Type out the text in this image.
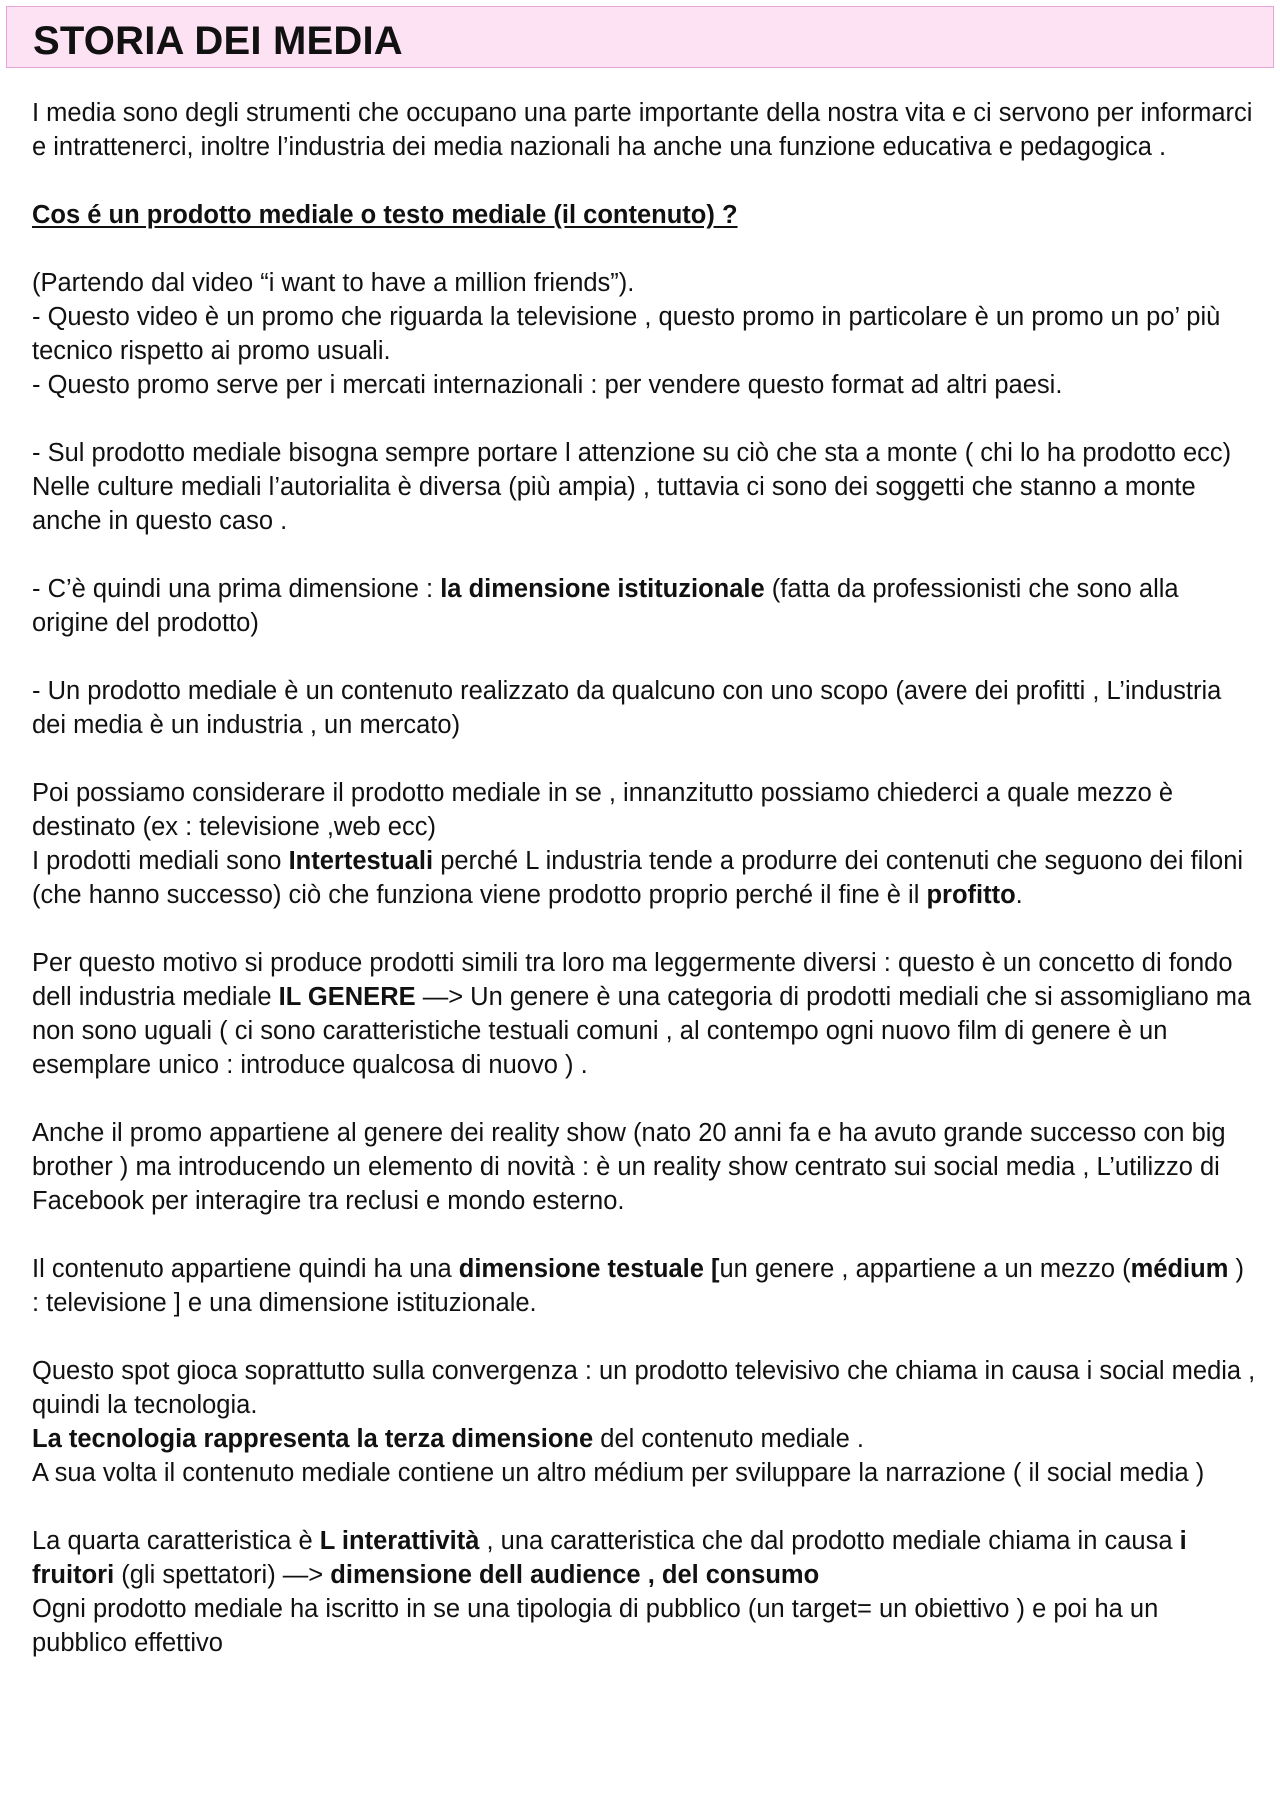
STORIA DEI MEDIA

I media sono degli strumenti che occupano una parte importante della nostra vita e ci servono per informarci e intrattenerci, inoltre l’industria dei media nazionali ha anche una funzione educativa e pedagogica .

Cos é un prodotto mediale o testo mediale (il contenuto) ?

(Partendo dal video “i want to have a million friends”).

- Questo video è un promo che riguarda la televisione , questo promo in particolare è un promo un po’ più tecnico rispetto ai promo usuali.

- Questo promo serve per i mercati internazionali : per vendere questo format ad altri paesi.

- Sul prodotto mediale bisogna sempre portare l attenzione su ciò che sta a monte ( chi lo ha prodotto ecc)

Nelle culture mediali l’autorialita è diversa (più ampia) , tuttavia ci sono dei soggetti che stanno a monte anche in questo caso .

- C’è quindi una prima dimensione : la dimensione istituzionale (fatta da professionisti che sono alla origine del prodotto)

- Un prodotto mediale è un contenuto realizzato da qualcuno con uno scopo (avere dei profitti , L’industria dei media è un industria , un mercato)

Poi possiamo considerare il prodotto mediale in se , innanzitutto possiamo chiederci a quale mezzo è destinato (ex : televisione ,web ecc)

I prodotti mediali sono Intertestuali perché L industria tende a produrre dei contenuti che seguono dei filoni (che hanno successo) ciò che funziona viene prodotto proprio perché il fine è il profitto.

Per questo motivo si produce prodotti simili tra loro ma leggermente diversi : questo è un concetto di fondo dell industria mediale IL GENERE —> Un genere è una categoria di prodotti mediali che si assomigliano ma non sono uguali ( ci sono caratteristiche testuali comuni , al contempo ogni nuovo film di genere è un esemplare unico : introduce qualcosa di nuovo ) .

Anche il promo appartiene al genere dei reality show (nato 20 anni fa e ha avuto grande successo con big brother ) ma introducendo un elemento di novità : è un reality show centrato sui social media , L’utilizzo di Facebook per interagire tra reclusi e mondo esterno.

Il contenuto appartiene quindi ha una dimensione testuale [un genere , appartiene a un mezzo (médium ) : televisione ] e una dimensione istituzionale.

Questo spot gioca soprattutto sulla convergenza : un prodotto televisivo che chiama in causa i social media , quindi la tecnologia.

La tecnologia rappresenta la terza dimensione del contenuto mediale .

A sua volta il contenuto mediale contiene un altro médium per sviluppare la narrazione ( il social media )

La quarta caratteristica è L interattività , una caratteristica che dal prodotto mediale chiama in causa i fruitori (gli spettatori) —> dimensione dell audience , del consumo

Ogni prodotto mediale ha iscritto in se una tipologia di pubblico (un target= un obiettivo ) e poi ha un pubblico effettivo
